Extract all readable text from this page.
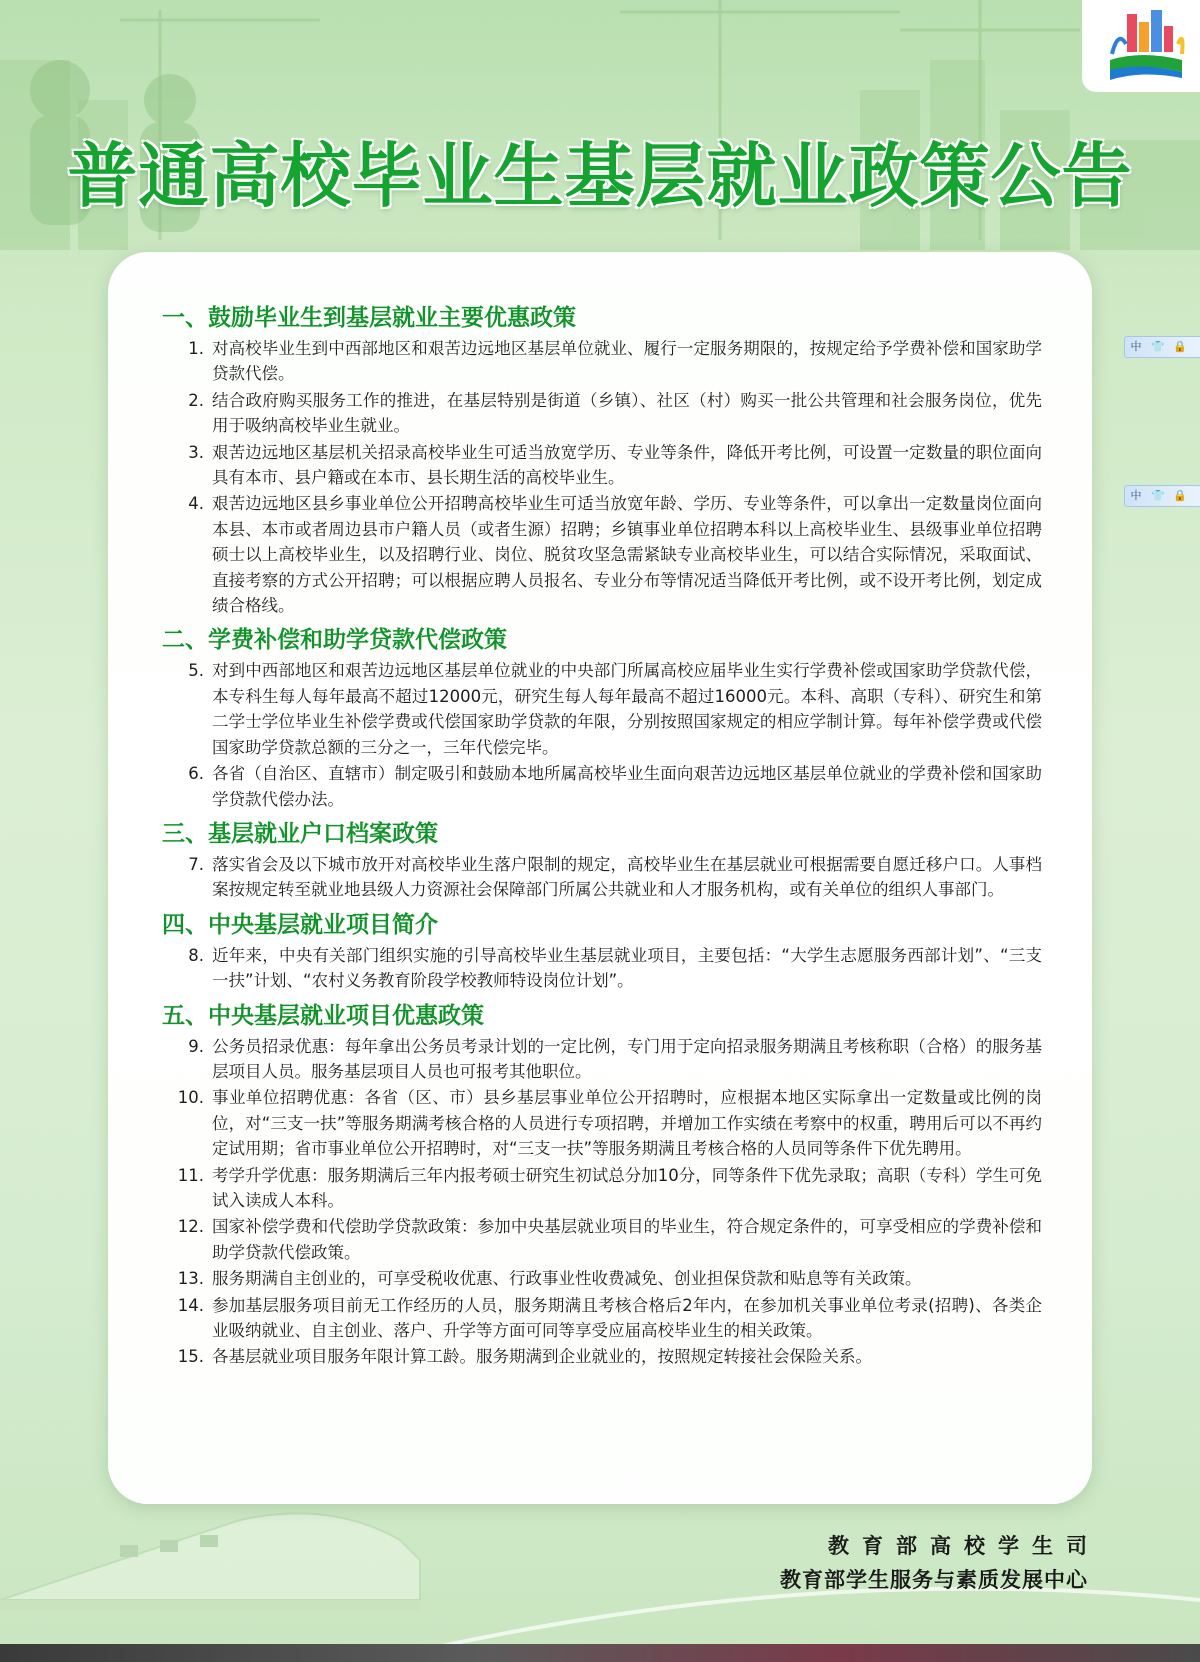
普通高校毕业生基层就业政策公告
中 👕 🔒
中 👕 🔒
一、鼓励毕业生到基层就业主要优惠政策
1. 对高校毕业生到中西部地区和艰苦边远地区基层单位就业、履行一定服务期限的，按规定给予学费补偿和国家助学贷款代偿。
2. 结合政府购买服务工作的推进，在基层特别是街道（乡镇）、社区（村）购买一批公共管理和社会服务岗位，优先用于吸纳高校毕业生就业。
3. 艰苦边远地区基层机关招录高校毕业生可适当放宽学历、专业等条件，降低开考比例，可设置一定数量的职位面向具有本市、县户籍或在本市、县长期生活的高校毕业生。
4. 艰苦边远地区县乡事业单位公开招聘高校毕业生可适当放宽年龄、学历、专业等条件，可以拿出一定数量岗位面向本县、本市或者周边县市户籍人员（或者生源）招聘；乡镇事业单位招聘本科以上高校毕业生、县级事业单位招聘硕士以上高校毕业生，以及招聘行业、岗位、脱贫攻坚急需紧缺专业高校毕业生，可以结合实际情况，采取面试、直接考察的方式公开招聘；可以根据应聘人员报名、专业分布等情况适当降低开考比例，或不设开考比例，划定成绩合格线。
二、学费补偿和助学贷款代偿政策
5. 对到中西部地区和艰苦边远地区基层单位就业的中央部门所属高校应届毕业生实行学费补偿或国家助学贷款代偿，本专科生每人每年最高不超过12000元，研究生每人每年最高不超过16000元。本科、高职（专科）、研究生和第二学士学位毕业生补偿学费或代偿国家助学贷款的年限，分别按照国家规定的相应学制计算。每年补偿学费或代偿国家助学贷款总额的三分之一，三年代偿完毕。
6. 各省（自治区、直辖市）制定吸引和鼓励本地所属高校毕业生面向艰苦边远地区基层单位就业的学费补偿和国家助学贷款代偿办法。
三、基层就业户口档案政策
7. 落实省会及以下城市放开对高校毕业生落户限制的规定，高校毕业生在基层就业可根据需要自愿迁移户口。人事档案按规定转至就业地县级人力资源社会保障部门所属公共就业和人才服务机构，或有关单位的组织人事部门。
四、中央基层就业项目简介
8. 近年来，中央有关部门组织实施的引导高校毕业生基层就业项目，主要包括：“大学生志愿服务西部计划”、“三支一扶”计划、“农村义务教育阶段学校教师特设岗位计划”。
五、中央基层就业项目优惠政策
9. 公务员招录优惠：每年拿出公务员考录计划的一定比例，专门用于定向招录服务期满且考核称职（合格）的服务基层项目人员。服务基层项目人员也可报考其他职位。
10. 事业单位招聘优惠：各省（区、市）县乡基层事业单位公开招聘时，应根据本地区实际拿出一定数量或比例的岗位，对“三支一扶”等服务期满考核合格的人员进行专项招聘，并增加工作实绩在考察中的权重，聘用后可以不再约定试用期；省市事业单位公开招聘时，对“三支一扶”等服务期满且考核合格的人员同等条件下优先聘用。
11. 考学升学优惠：服务期满后三年内报考硕士研究生初试总分加10分，同等条件下优先录取；高职（专科）学生可免试入读成人本科。
12. 国家补偿学费和代偿助学贷款政策：参加中央基层就业项目的毕业生，符合规定条件的，可享受相应的学费补偿和助学贷款代偿政策。
13. 服务期满自主创业的，可享受税收优惠、行政事业性收费减免、创业担保贷款和贴息等有关政策。
14. 参加基层服务项目前无工作经历的人员，服务期满且考核合格后2年内，在参加机关事业单位考录(招聘)、各类企业吸纳就业、自主创业、落户、升学等方面可同等享受应届高校毕业生的相关政策。
15. 各基层就业项目服务年限计算工龄。服务期满到企业就业的，按照规定转接社会保险关系。
教育部高校学生司
教育部学生服务与素质发展中心
